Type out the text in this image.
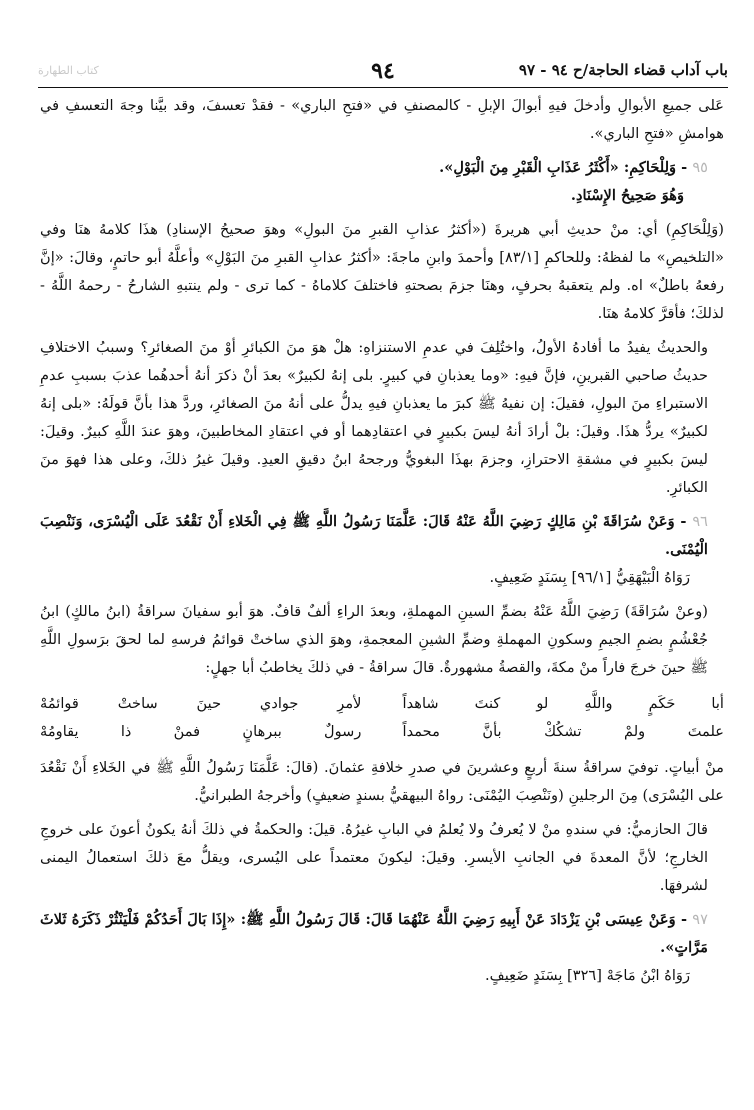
باب آداب قضاء الحاجة/ح ٩٤ - ٩٧
٩٤
كتاب الطهارة

عَلى جميعِ الأبوالِ وأدخلَ فيهِ أبوالَ الإبلِ - كالمصنفِ في «فتحِ الباري» - فقدْ تعسفَ، وقد بيَّنا وجهَ التعسفِ في هوامشِ «فتحِ الباري».

٩٥ - وَلِلْحَاكِمِ: «أَكْثَرُ عَذَابِ الْقَبْرِ مِنَ الْبَوْلِ».

وَهُوَ صَحِيحُ الإِسْنَادِ.

(وَلِلْحَاكِمِ) أي: منْ حديثِ أبي هريرةَ («أكثرُ عذابِ القبرِ منَ البولِ» وهوَ صحيحُ الإسنادِ) هذَا كلامهُ هنَا وفي «التلخيصِ» ما لفظهُ: وللحاكمِ [٨٣/١] وأحمدَ وابنِ ماجةَ: «أكثرُ عذابِ القبرِ منَ البَوْلِ» وأعلَّهُ أبو حاتمٍ، وقالَ: «إنَّ رفعهُ باطلٌ» اه. ولم يتعقبهُ بحرفٍ، وهنَا جزمَ بصحتهِ فاختلفَ كلاماهُ - كما ترى - ولم ينتبهِ الشارحُ - رحمهُ اللَّهُ - لذلكَ؛ فأقرَّ كلامهُ هنَا.

والحديثُ يفيدُ ما أفادهُ الأولُ، واختُلِفَ في عدمِ الاستنزاهِ: هلْ هوَ منَ الكبائرِ أوْ منَ الصغائرِ؟ وسببُ الاختلافِ حديثُ صاحبي القبرينِ، فإنَّ فيهِ: «وما يعذبانِ في كبيرٍ. بلى إنهُ لكبيرٌ» بعدَ أنْ ذكرَ أنهُ أحدهُما عذبَ بسببِ عدمِ الاستبراءِ منَ البولِ، فقيلَ: إن نفيهُ ﷺ كبرَ ما يعذبانِ فيهِ يدلُّ على أنهُ منَ الصغائرِ، وردَّ هذا بأنَّ قولَهُ: «بلى إنهُ لكبيرٌ» يردُّ هذَا. وقيلَ: بلْ أرادَ أنهُ ليسَ بكبيرٍ في اعتقادِهما أو في اعتقادِ المخاطبينَ، وهوَ عندَ اللَّهِ كبيرٌ. وقيلَ: ليسَ بكبيرٍ في مشقةِ الاحترازِ، وجزمَ بهذَا البغويُّ ورجحهُ ابنُ دقيقِ العيدِ. وقيلَ غيرُ ذلكَ، وعلى هذا فهوَ منَ الكبائرِ.

٩٦ - وَعَنْ سُرَاقَةَ بْنِ مَالِكٍ رَضِيَ اللَّهُ عَنْهُ قَالَ: عَلَّمَنَا رَسُولُ اللَّهِ ﷺ فِي الْخَلاءِ أَنْ نَقْعُدَ عَلَى الْيُسْرَى، وَنَنْصِبَ الْيُمْنَى.

رَوَاهُ الْبَيْهَقِيُّ [٩٦/١] بِسَنَدٍ ضَعِيفٍ.

(وعنْ سُرَاقَةَ) رَضِيَ اللَّهُ عَنْهُ بضمِّ السينِ المهملةِ، وبعدَ الراءِ ألفٌ قافٌ. هوَ أبو سفيانَ سراقةُ (ابنُ مالكٍ) ابنُ جُعْشُمٍ بضمِ الجيمِ وسكونِ المهملةِ وضمِّ الشينِ المعجمةِ، وهوَ الذي ساختْ قوائمُ فرسهِ لما لحقَ برَسولِ اللَّهِ ﷺ حينَ خرجَ فاراً منْ مكةَ، والقصةُ مشهورةٌ. قالَ سراقةُ - في ذلكَ يخاطبُ أبا جهلٍ:

أبا حَكَمٍ واللَّهِ لو كنتَ شاهداً
لأمرِ جوادي حينَ ساختْ قوائمُهْ
علمتَ ولمْ تشكُكْ بأنَّ محمداً
رسولٌ ببرهانٍ فمنْ ذا يقاومُهْ

منْ أبياتٍ. توفيَ سراقةُ سنةَ أربعٍ وعشرينَ في صدرِ خلافةِ عثمانَ. (قالَ: عَلَّمَنَا رَسُولُ اللَّهِ ﷺ في الخَلاءِ أَنْ نَقْعُدَ على اليُسْرَى) مِنَ الرجلينِ (ونَنْصِبَ اليُمْنَى: رواهُ البيهقيُّ بسندٍ ضعيفٍ) وأخرجهُ الطبرانيُّ.

قالَ الحازميُّ: في سندهِ منْ لا يُعرفُ ولا يُعلمُ في البابِ غيرُهُ. قيلَ: والحكمةُ في ذلكَ أنهُ يكونُ أعونَ على خروجِ الخارجِ؛ لأنَّ المعدةَ في الجانبِ الأيسرِ. وقيلَ: ليكونَ معتمداً على اليُسرى، ويقلُّ معَ ذلكَ استعمالُ اليمنى لشرفهَا.

٩٧ - وَعَنْ عِيسَى بْنِ يَزْدَادَ عَنْ أَبِيهِ رَضِيَ اللَّهُ عَنْهُمَا قَالَ: قَالَ رَسُولُ اللَّهِ ﷺ: «إِذَا بَالَ أَحَدُكُمْ فَلْيَنْثُرْ ذَكَرَهُ ثَلاثَ مَرَّاتٍ».

رَوَاهُ ابْنُ مَاجَهْ [٣٢٦] بِسَنَدٍ ضَعِيفٍ.
